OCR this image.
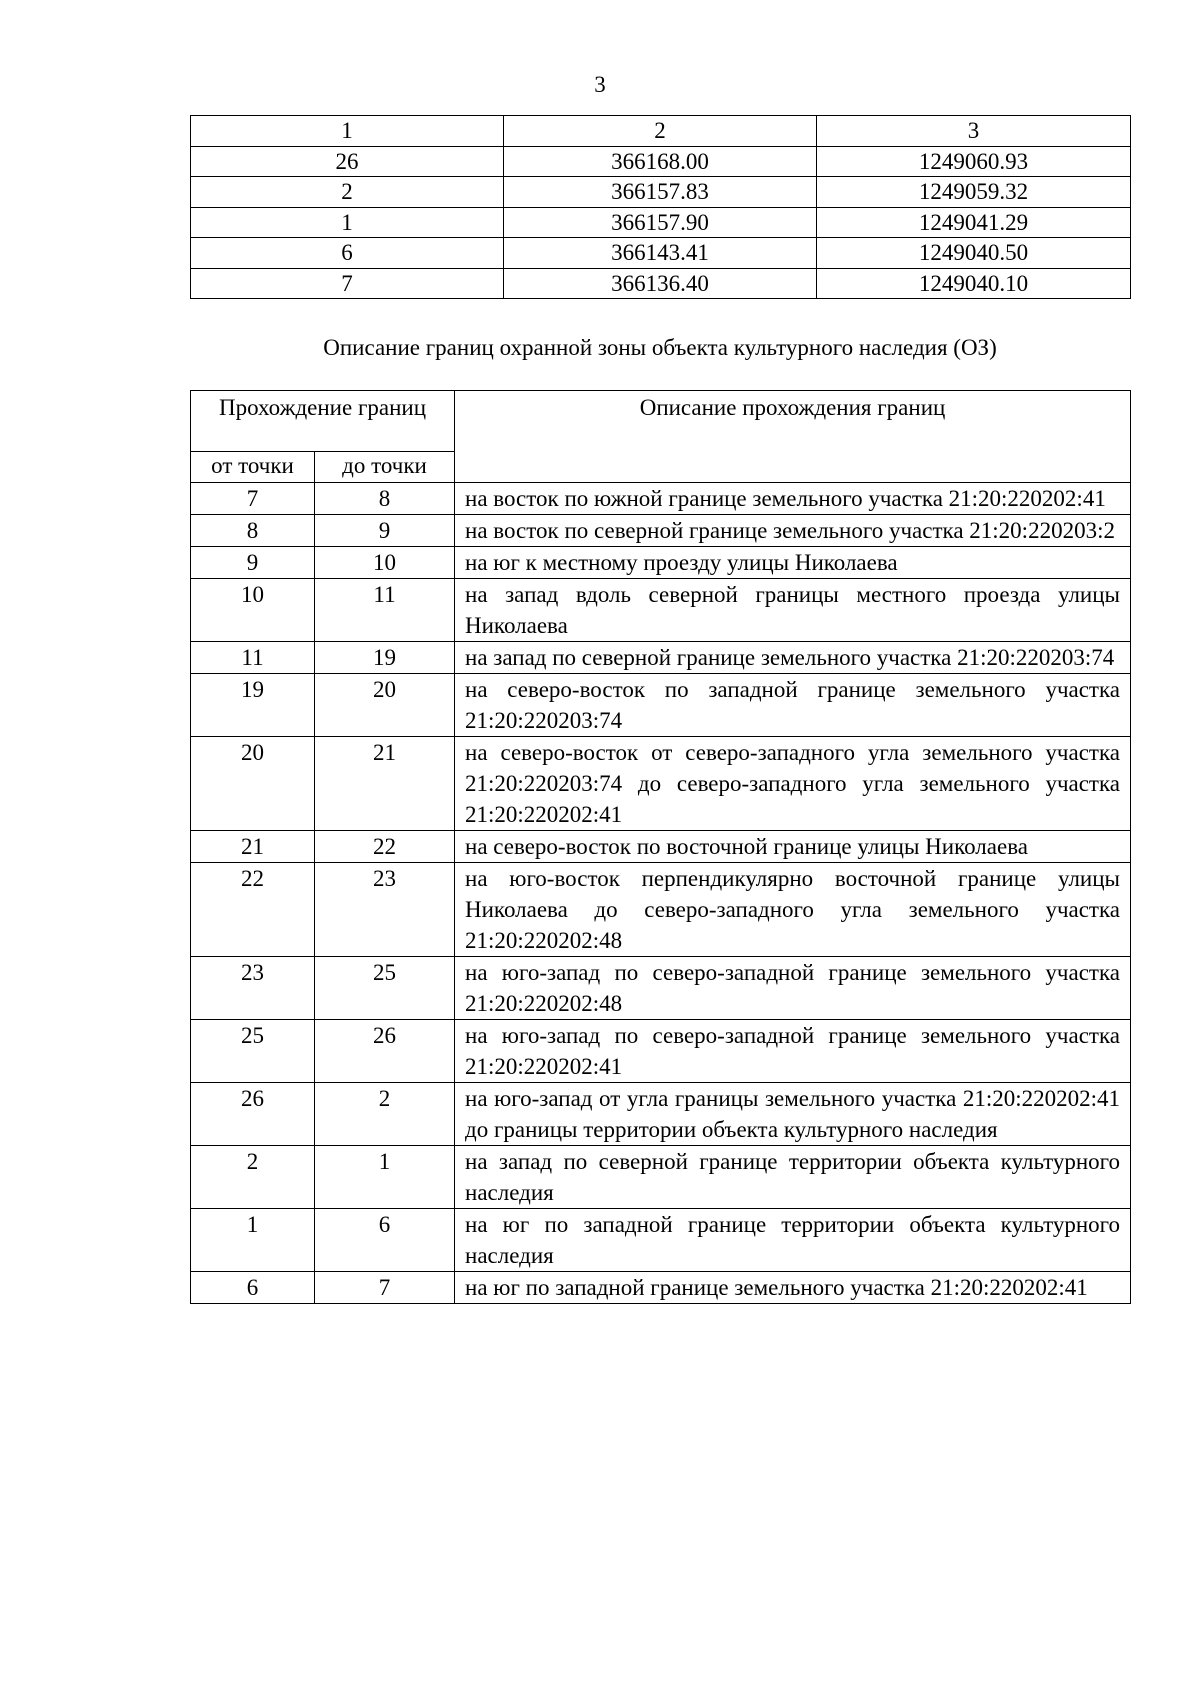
3
1	2	3
26	366168.00	1249060.93
2	366157.83	1249059.32
1	366157.90	1249041.29
6	366143.41	1249040.50
7	366136.40	1249040.10
Описание границ охранной зоны объекта культурного наследия (ОЗ)
Прохождение границ		Описание прохождения границ
от точки	до точки	
7	8	на восток по южной границе земельного участка 21:20:220202:41
8	9	на восток по северной границе земельного участка 21:20:220203:2
9	10	на юг к местному проезду улицы Николаева
10	11	на запад вдоль северной границы местного проезда улицы Николаева
11	19	на запад по северной границе земельного участка 21:20:220203:74
19	20	на северо-восток по западной границе земельного участка 21:20:220203:74
20	21	на северо-восток от северо-западного угла земельного участка 21:20:220203:74 до северо-западного угла земельного участка 21:20:220202:41
21	22	на северо-восток по восточной границе улицы Николаева
22	23	на юго-восток перпендикулярно восточной границе улицы Николаева до северо-западного угла земельного участка 21:20:220202:48
23	25	на юго-запад по северо-западной границе земельного участка 21:20:220202:48
25	26	на юго-запад по северо-западной границе земельного участка 21:20:220202:41
26	2	на юго-запад от угла границы земельного участка 21:20:220202:41 до границы территории объекта культурного наследия
2	1	на запад по северной границе территории объекта культурного наследия
1	6	на юг по западной границе территории объекта культурного наследия
6	7	на юг по западной границе земельного участка 21:20:220202:41
